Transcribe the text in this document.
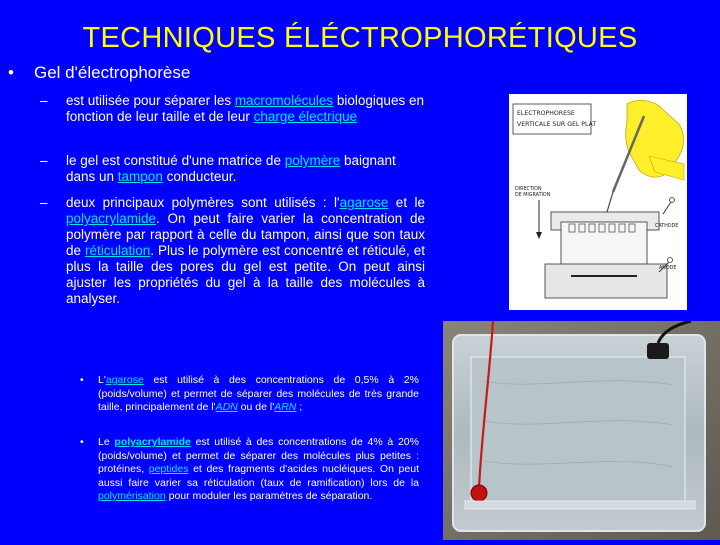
TECHNIQUES ÉLÉCTROPHORÉTIQUES
• Gel d'électrophorèse
– est utilisée pour séparer les macromolécules biologiques en fonction de leur taille et de leur charge électrique
– le gel est constitué d'une matrice de polymère baignant dans un tampon conducteur.
– deux principaux polymères sont utilisés : l'agarose et le polyacrylamide. On peut faire varier la concentration de polymère par rapport à celle du tampon, ainsi que son taux de réticulation. Plus le polymère est concentré et réticulé, et plus la taille des pores du gel est petite. On peut ainsi ajuster les propriétés du gel à la taille des molécules à analyser.
• L'agarose est utilisé à des concentrations de 0,5% à 2% (poids/volume) et permet de séparer des molécules de très grande taille, principalement de l'ADN ou de l'ARN ;
• Le polyacrylamide est utilisé à des concentrations de 4% à 20% (poids/volume) et permet de séparer des molécules plus petites : protéines, peptides et des fragments d'acides nucléiques. On peut aussi faire varier sa réticulation (taux de ramification) lors de la polymérisation pour moduler les paramètres de séparation.
ELECTROPHORESE
VERTICALE SUR GEL PLAT
DIRECTION
DE MIGRATION
CATHODE
ANODE
